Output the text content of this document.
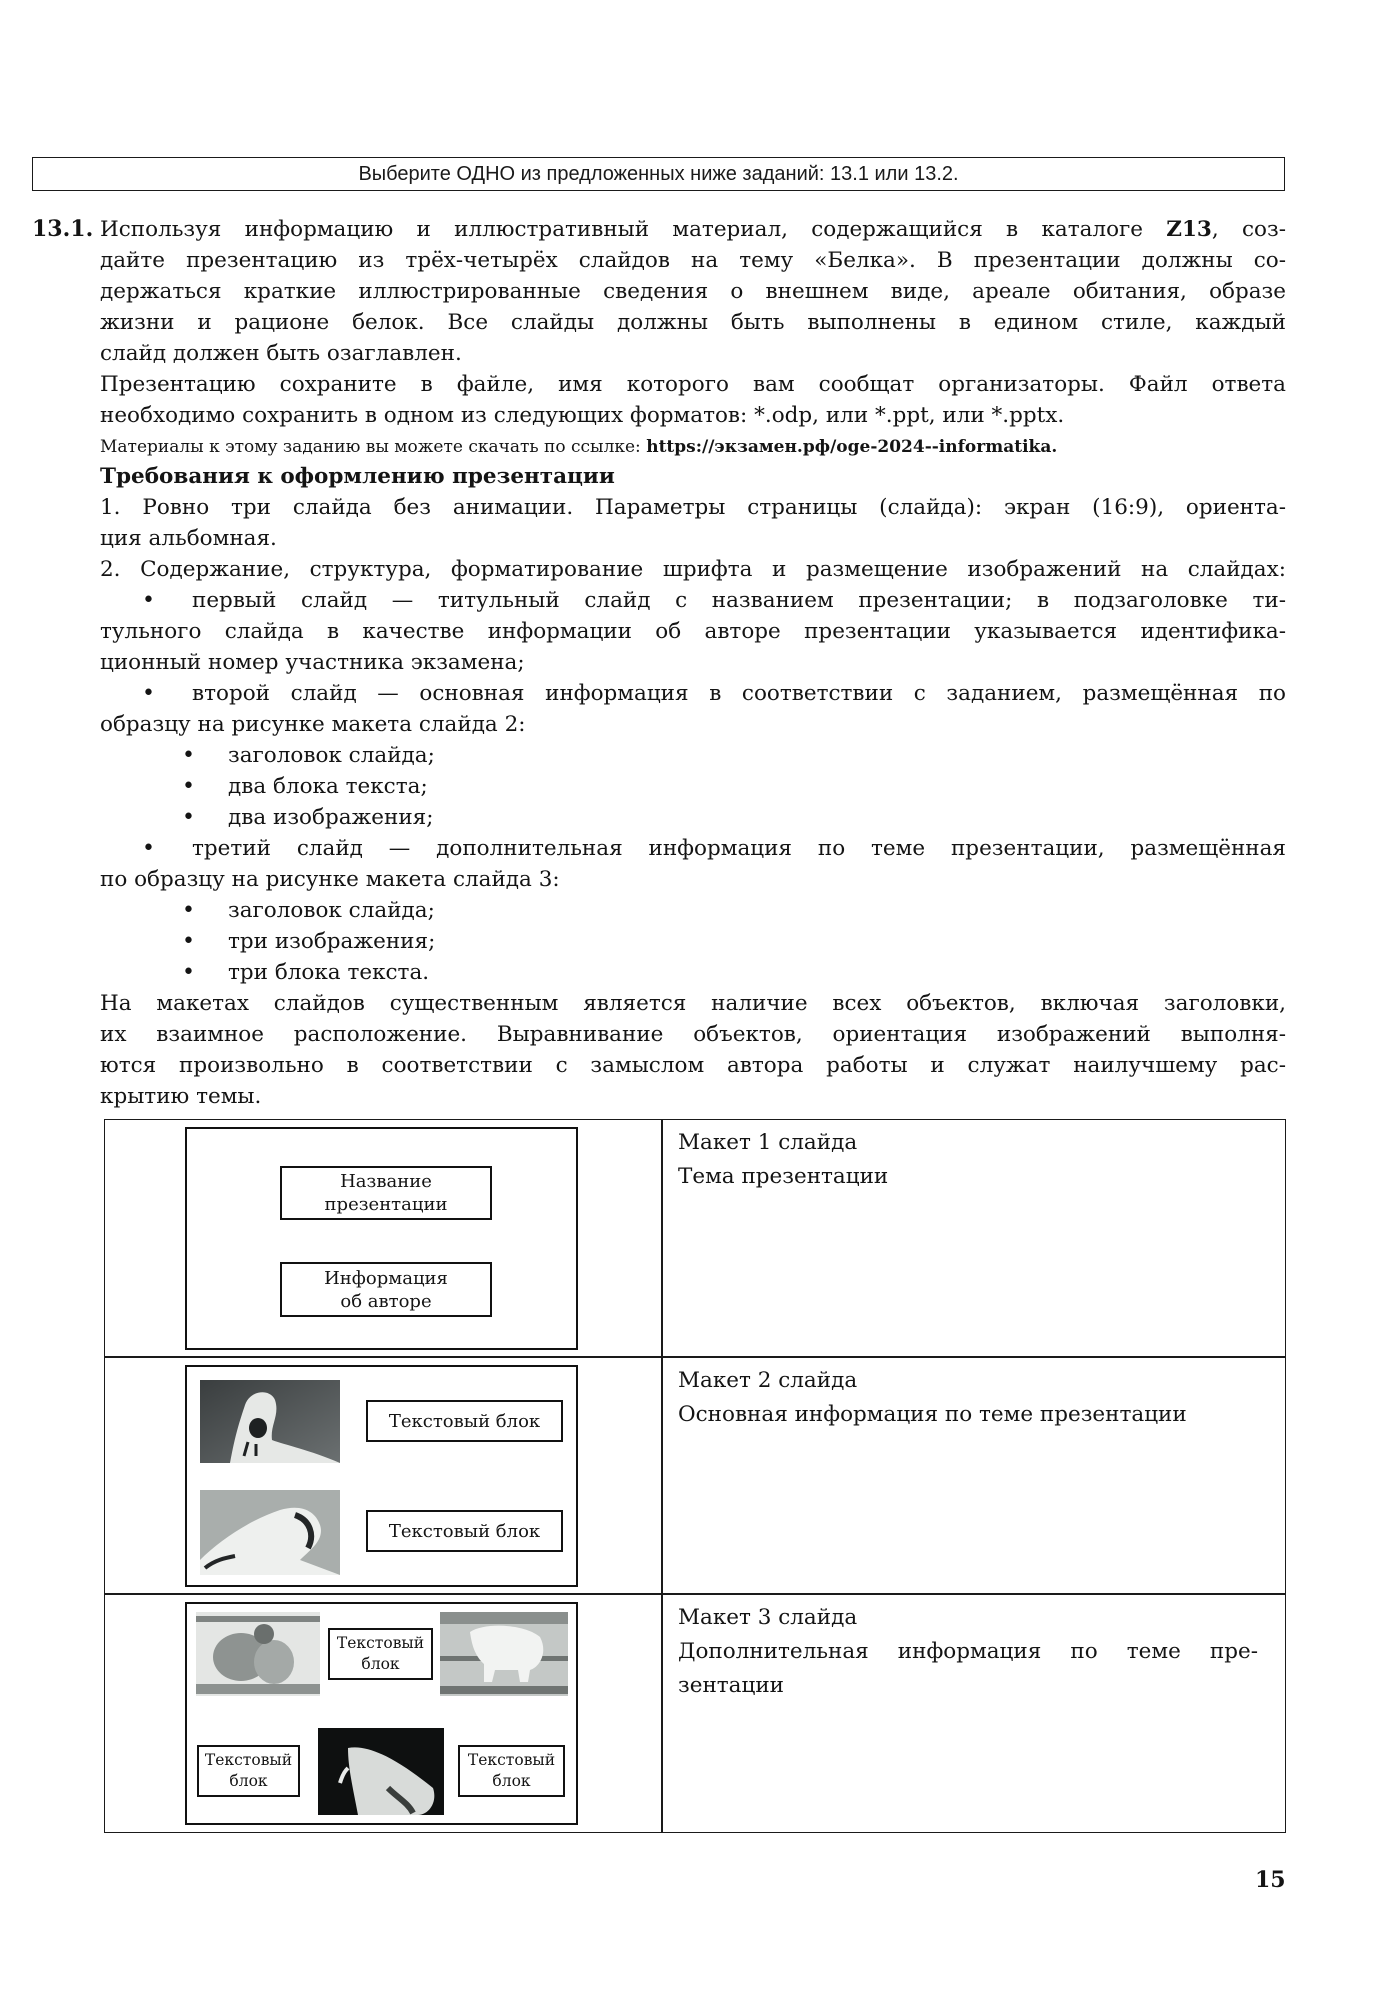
Выберите ОДНО из предложенных ниже заданий: 13.1 или 13.2.
13.1. Используя информацию и иллюстративный материал, содержащийся в каталоге Z13, соз-
дайте презентацию из трёх-четырёх слайдов на тему «Белка». В презентации должны со-
держаться краткие иллюстрированные сведения о внешнем виде, ареале обитания, образе
жизни и рационе белок. Все слайды должны быть выполнены в едином стиле, каждый
слайд должен быть озаглавлен.
Презентацию сохраните в файле, имя которого вам сообщат организаторы. Файл ответа
необходимо сохранить в одном из следующих форматов: *.odp, или *.ppt, или *.pptx.
Материалы к этому заданию вы можете скачать по ссылке: https://экзамен.рф/oge-2024--informatika.
Требования к оформлению презентации
1. Ровно три слайда без анимации. Параметры страницы (слайда): экран (16:9), ориента-
ция альбомная.
2. Содержание, структура, форматирование шрифта и размещение изображений на слайдах:
• первый слайд — титульный слайд с названием презентации; в подзаголовке ти-
тульного слайда в качестве информации об авторе презентации указывается идентифика-
ционный номер участника экзамена;
• второй слайд — основная информация в соответствии с заданием, размещённая по
образцу на рисунке макета слайда 2:
• заголовок слайда;
• два блока текста;
• два изображения;
• третий слайд — дополнительная информация по теме презентации, размещённая
по образцу на рисунке макета слайда 3:
• заголовок слайда;
• три изображения;
• три блока текста.
На макетах слайдов существенным является наличие всех объектов, включая заголовки,
их взаимное расположение. Выравнивание объектов, ориентация изображений выполня-
ются произвольно в соответствии с замыслом автора работы и служат наилучшему рас-
крытию темы.
Название
презентации
Информация
об авторе
Макет 1 слайда
Тема презентации
Текстовый блок
Текстовый блок
Макет 2 слайда
Основная информация по теме презентации
Текстовый
блок
Текстовый
блок
Текстовый
блок
Макет 3 слайда
Дополнительная информация по теме пре-
зентации
15
